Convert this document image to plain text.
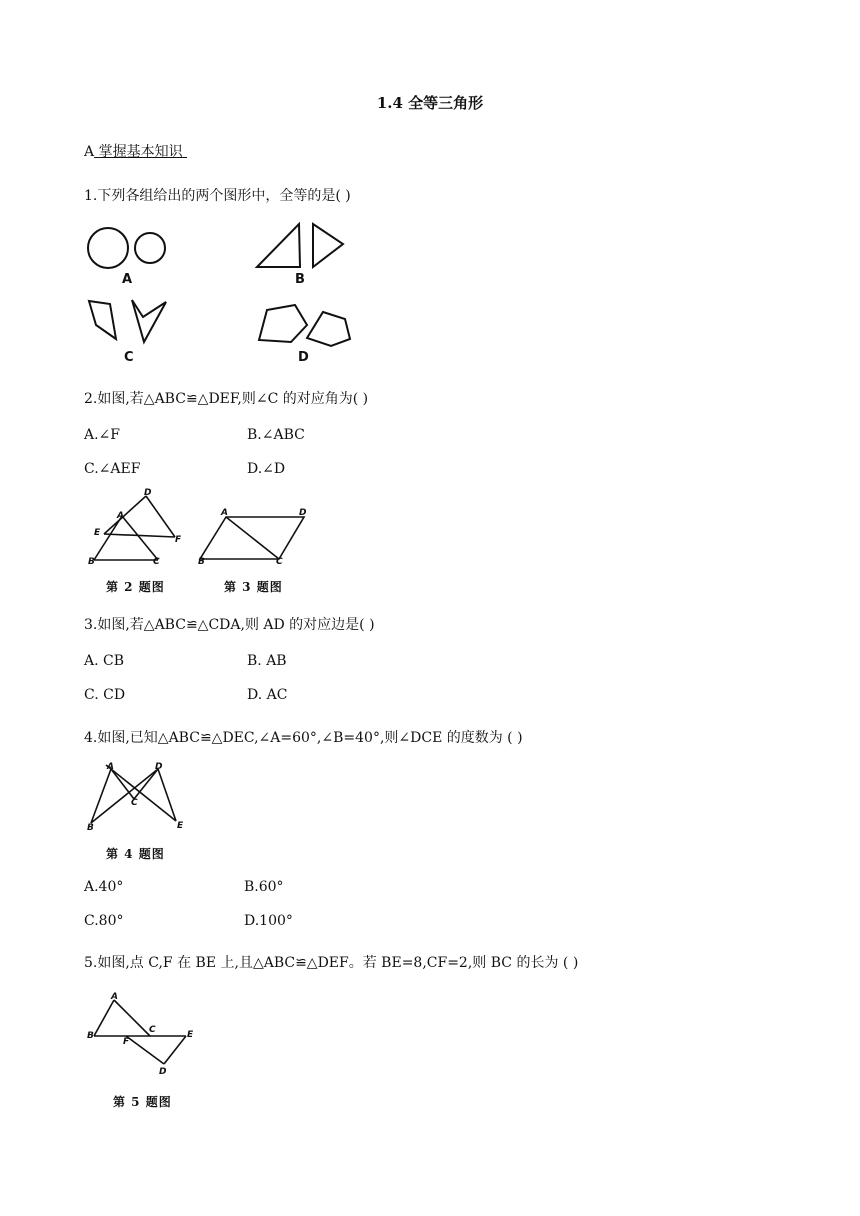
1.4 全等三角形
A 掌握基本知识
1.下列各组给出的两个图形中，全等的是( )
A	B
C	D
2.如图,若△ABC≌△DEF,则∠C 的对应角为( )
A.∠F	B.∠ABC
C.∠AEF	D.∠D
D
A
E
F
B	C
第 2 题图
A	D
B	C
第 3 题图
3.如图,若△ABC≌△CDA,则 AD 的对应边是( )
A. CB	B. AB
C. CD	D. AC
4.如图,已知△ABC≌△DEC,∠A=60°,∠B=40°,则∠DCE 的度数为 ( )
A	D
C
B	E
第 4 题图
A.40°	B.60°
C.80°	D.100°
5.如图,点 C,F 在 BE 上,且△ABC≌△DEF。若 BE=8,CF=2,则 BC 的长为 ( )
A
B
C
F
E
D
第 5 题图
